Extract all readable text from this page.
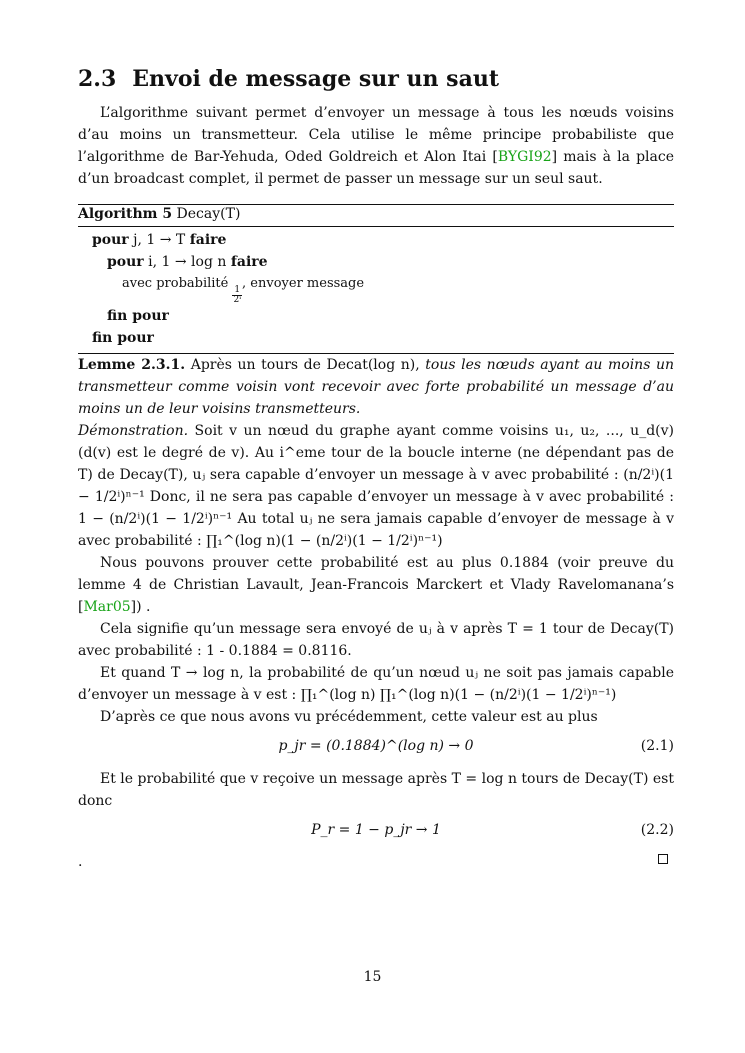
2.3 Envoi de message sur un saut

L’algorithme suivant permet d’envoyer un message à tous les nœuds voisins d’au moins un transmetteur. Cela utilise le même principe probabiliste que l’algorithme de Bar-Yehuda, Oded Goldreich et Alon Itai [BYGI92] mais à la place d’un broadcast complet, il permet de passer un message sur un seul saut.

Algorithm 5 Decay(T)
pour j, 1 → T faire
pour i, 1 → log n faire
avec probabilité
$\frac{1}{\text{2ⁱ}}$
, envoyer message
fin pour
fin pour

Lemme 2.3.1. Après un tours de Decat(log n), tous les nœuds ayant au moins un transmetteur comme voisin vont recevoir avec forte probabilité un message d’au moins un de leur voisins transmetteurs.

Démonstration. Soit v un nœud du graphe ayant comme voisins u₁, u₂, ..., u_d(v) (d(v) est le degré de v). Au i^eme tour de la boucle interne (ne dépendant pas de T) de Decay(T), uⱼ sera capable d’envoyer un message à v avec probabilité : (n/2ⁱ)(1 − 1/2ⁱ)ⁿ⁻¹ Donc, il ne sera pas capable d’envoyer un message à v avec probabilité : 1 − (n/2ⁱ)(1 − 1/2ⁱ)ⁿ⁻¹ Au total uⱼ ne sera jamais capable d’envoyer de message à v avec probabilité : ∏₁^(log n)(1 − (n/2ⁱ)(1 − 1/2ⁱ)ⁿ⁻¹)

Nous pouvons prouver cette probabilité est au plus 0.1884 (voir preuve du lemme 4 de Christian Lavault, Jean-Francois Marckert et Vlady Ravelomanana’s [Mar05]) .

Cela signifie qu’un message sera envoyé de uⱼ à v après T = 1 tour de Decay(T) avec probabilité : 1 - 0.1884 = 0.8116.

Et quand T → log n, la probabilité de qu’un nœud uⱼ ne soit pas jamais capable d’envoyer un message à v est : ∏₁^(log n) ∏₁^(log n)(1 − (n/2ⁱ)(1 − 1/2ⁱ)ⁿ⁻¹)

D’après ce que nous avons vu précédemment, cette valeur est au plus

p_jr = (0.1884)^(log n) → 0	(2.1)

Et le probabilité que v reçoive un message après T = log n tours de Decay(T) est donc

P_r = 1 − p_jr → 1	(2.2)
.
15
